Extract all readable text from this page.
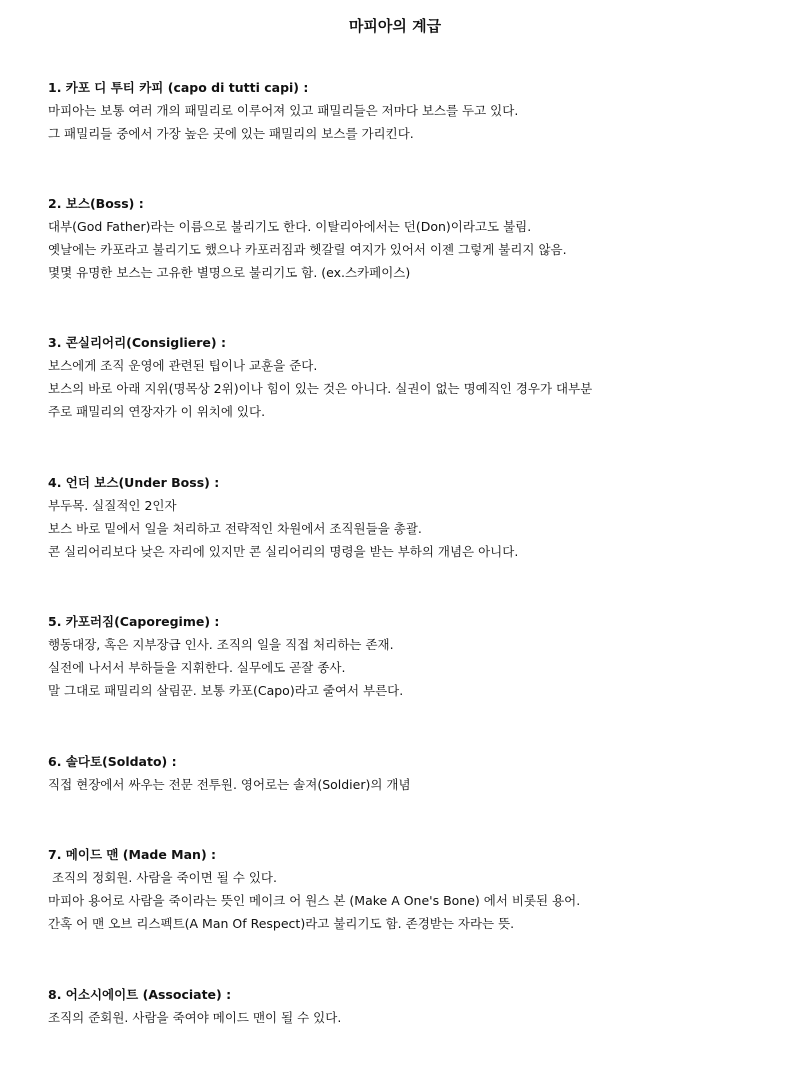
마피아의 계급

1. 카포 디 투티 카피 (capo di tutti capi) :

마피아는 보통 여러 개의 패밀리로 이루어져 있고 패밀리들은 저마다 보스를 두고 있다.

그 패밀리들 중에서 가장 높은 곳에 있는 패밀리의 보스를 가리킨다.

2. 보스(Boss) :

대부(God Father)라는 이름으로 불리기도 한다. 이탈리아에서는 던(Don)이라고도 불림.

옛날에는 카포라고 불리기도 했으나 카포러짐과 헷갈릴 여지가 있어서 이젠 그렇게 불리지 않음.

몇몇 유명한 보스는 고유한 별명으로 불리기도 함. (ex.스카페이스)

3. 콘실리어리(Consigliere) :

보스에게 조직 운영에 관련된 팁이나 교훈을 준다.

보스의 바로 아래 지위(명목상 2위)이나 힘이 있는 것은 아니다. 실권이 없는 명예직인 경우가 대부분

주로 패밀리의 연장자가 이 위치에 있다.

4. 언더 보스(Under Boss) :

부두목. 실질적인 2인자

보스 바로 밑에서 일을 처리하고 전략적인 차원에서 조직원들을 총괄.

콘 실리어리보다 낮은 자리에 있지만 콘 실리어리의 명령을 받는 부하의 개념은 아니다.

5. 카포러짐(Caporegime) :

행동대장, 혹은 지부장급 인사. 조직의 일을 직접 처리하는 존재.

실전에 나서서 부하들을 지휘한다. 실무에도 곧잘 종사.

말 그대로 패밀리의 살림꾼. 보통 카포(Capo)라고 줄여서 부른다.

6. 솔다토(Soldato) :

직접 현장에서 싸우는 전문 전투원. 영어로는 솔져(Soldier)의 개념

7. 메이드 맨 (Made Man) :

조직의 정회원. 사람을 죽이면 될 수 있다.

마피아 용어로 사람을 죽이라는 뜻인 메이크 어 원스 본 (Make A One's Bone) 에서 비롯된 용어.

간혹 어 맨 오브 리스펙트(A Man Of Respect)라고 불리기도 함. 존경받는 자라는 뜻.

8. 어소시에이트 (Associate) :

조직의 준회원. 사람을 죽여야 메이드 맨이 될 수 있다.
